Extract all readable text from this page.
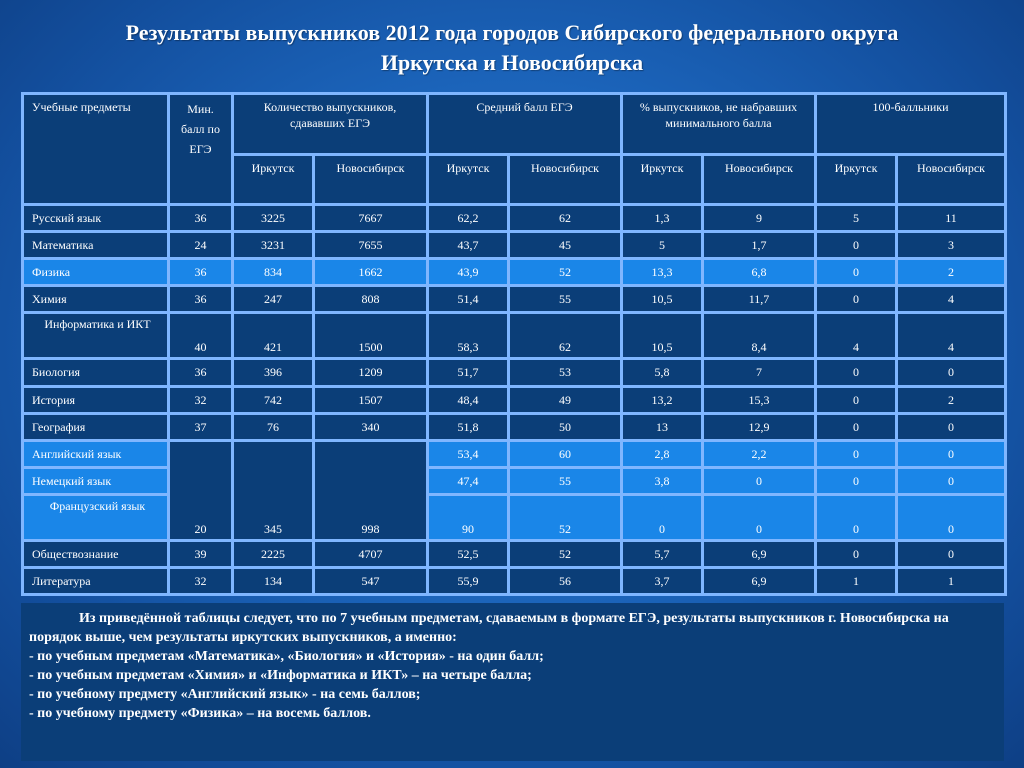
Результаты выпускников 2012 года городов Сибирского федерального округа
Иркутска и Новосибирска
Учебные предметы	Мин. балл по ЕГЭ	Количество выпускников, сдававших ЕГЭ		Средний балл ЕГЭ		% выпускников, не набравших минимального балла		100-балльники	
		Иркутск	Новосибирск	Иркутск	Новосибирск	Иркутск	Новосибирск	Иркутск	Новосибирск
Русский язык	36	3225	7667	62,2	62	1,3	9	5	11
Математика	24	3231	7655	43,7	45	5	1,7	0	3
Физика	36	834	1662	43,9	52	13,3	6,8	0	2
Химия	36	247	808	51,4	55	10,5	11,7	0	4
Информатика и ИКТ	40	421	1500	58,3	62	10,5	8,4	4	4
Биология	36	396	1209	51,7	53	5,8	7	0	0
История	32	742	1507	48,4	49	13,2	15,3	0	2
География	37	76	340	51,8	50	13	12,9	0	0
Английский язык	20	345	998	53,4	60	2,8	2,2	0	0
Немецкий язык				47,4	55	3,8	0	0	0
Французский язык				90	52	0	0	0	0
Обществознание	39	2225	4707	52,5	52	5,7	6,9	0	0
Литература	32	134	547	55,9	56	3,7	6,9	1	1

Из приведённой таблицы следует, что по 7 учебным предметам, сдаваемым в формате ЕГЭ, результаты выпускников г. Новосибирска на порядок выше, чем результаты иркутских выпускников, а именно:

- по учебным предметам «Математика», «Биология» и «История» - на один балл;

- по учебным предметам «Химия» и «Информатика и ИКТ» – на четыре балла;

- по учебному предмету «Английский язык» - на семь баллов;

- по учебному предмету «Физика» – на восемь баллов.
